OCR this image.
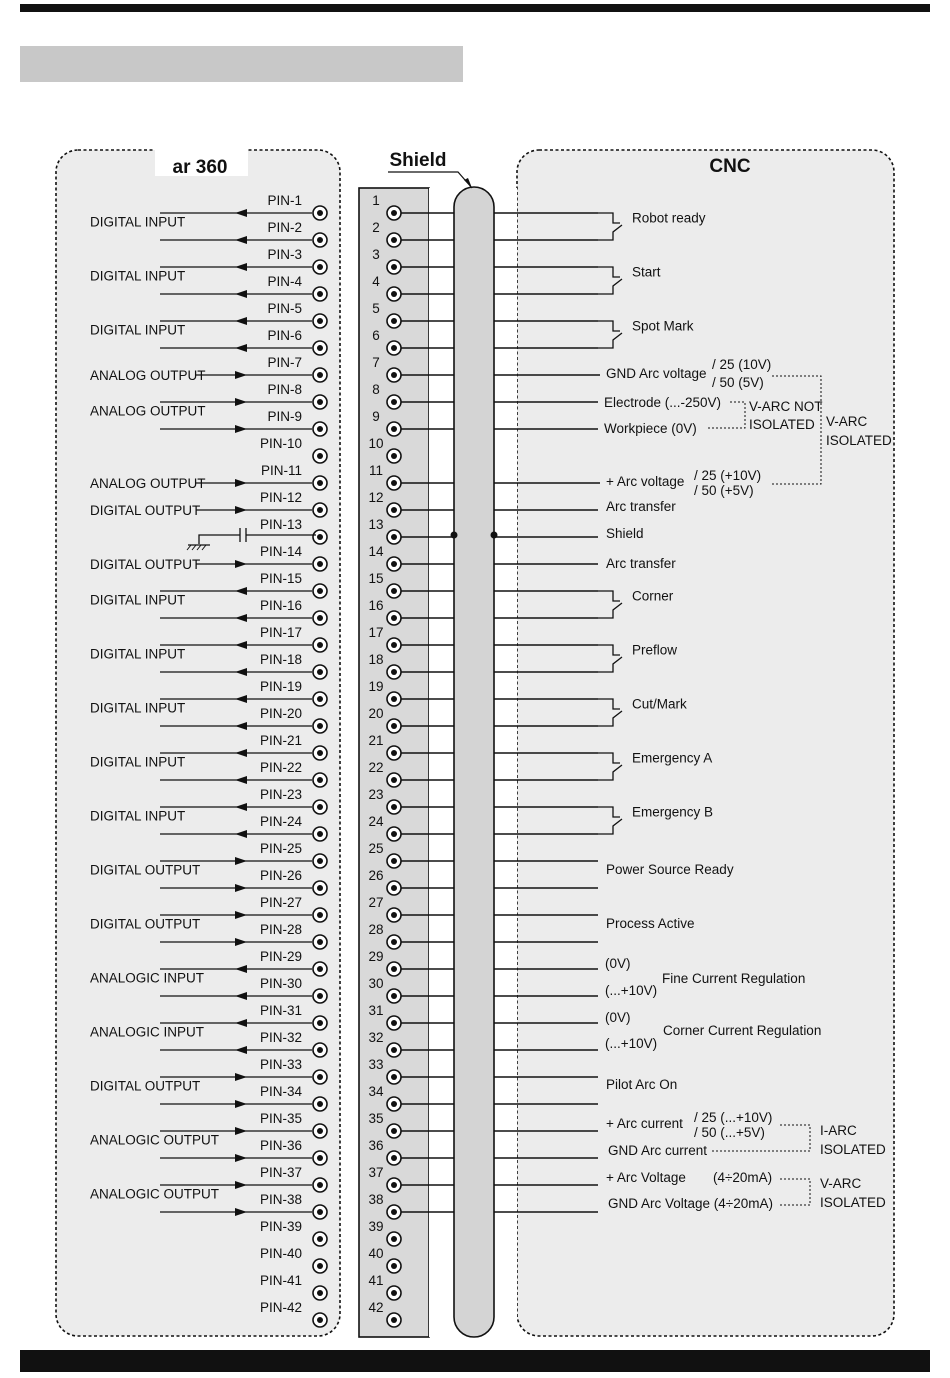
ar 360	CNC
PIN-1
PIN-2
PIN-3
PIN-4
PIN-5
PIN-6
PIN-7
PIN-8
PIN-9
PIN-10
PIN-11
PIN-12
PIN-13
PIN-14
PIN-15
PIN-16
PIN-17
PIN-18
PIN-19
PIN-20
PIN-21
PIN-22
PIN-23
PIN-24
PIN-25
PIN-26
PIN-27
PIN-28
PIN-29
PIN-30
PIN-31
PIN-32
PIN-33
PIN-34
PIN-35
PIN-36
PIN-37
PIN-38
PIN-39
PIN-40
PIN-41
PIN-42
DIGITAL INPUT
DIGITAL INPUT
DIGITAL INPUT
ANALOG OUTPUT
ANALOG OUTPUT
ANALOG OUTPUT
DIGITAL OUTPUT
DIGITAL OUTPUT
DIGITAL INPUT
DIGITAL INPUT
DIGITAL INPUT
DIGITAL INPUT
DIGITAL INPUT
DIGITAL OUTPUT
DIGITAL OUTPUT
ANALOGIC INPUT
ANALOGIC INPUT
DIGITAL OUTPUT
ANALOGIC OUTPUT
ANALOGIC OUTPUT
Robot ready
Start
Spot Mark
Corner
Preflow
Cut/Mark
Emergency A
Emergency B
Shield
1
2
3
4
5
6
7
8
9
10
11
12
13
14
15
16
17
18
19
20
21
22
23
24
25
26
27
28
29
30
31
32
33
34
35
36
37
38
39
40
41
42
GND Arc voltage
/ 25 (10V)
/ 50 (5V)
Electrode (...-250V)
Workpiece (0V)
V-ARC NOT
ISOLATED V-ARC
ISOLATED
+ Arc voltage / 25 (+10V)
/ 50 (+5V)
Arc transfer
Shield
Arc transfer
Power Source Ready
Process Active
(0V)
(...+10V)
Fine Current Regulation
(0V)
(...+10V)
Corner Current Regulation
Pilot Arc On
+ Arc current / 25 (...+10V)
/ 50 (...+5V)
GND Arc current
I-ARC
ISOLATED
+ Arc Voltage (4÷20mA)
GND Arc Voltage (4÷20mA)
V-ARC
ISOLATED
